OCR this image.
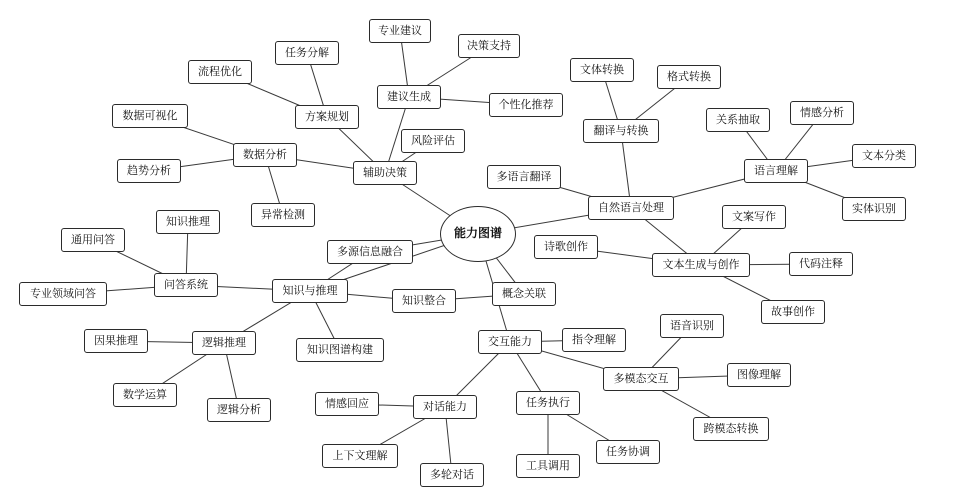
辅助决策
方案规划
建议生成
专业建议
决策支持
个性化推荐
风险评估
任务分解
流程优化
数据分析
数据可视化
趋势分析
异常检测
自然语言处理
翻译与转换
文体转换
格式转换
多语言翻译	语言理解
关系抽取
情感分析
文本分类
实体识别
文本生成与创作
文案写作
诗歌创作
代码注释
故事创作
交互能力
概念关联
指令理解
多模态交互
语音识别
图像理解
跨模态转换
任务执行
工具调用
任务协调
对话能力
情感回应
上下文理解
多轮对话
知识与推理
多源信息融合
知识整合
知识图谱构建
问答系统
知识推理
通用问答
专业领域问答
逻辑推理
因果推理
数学运算
逻辑分析
能力图谱
